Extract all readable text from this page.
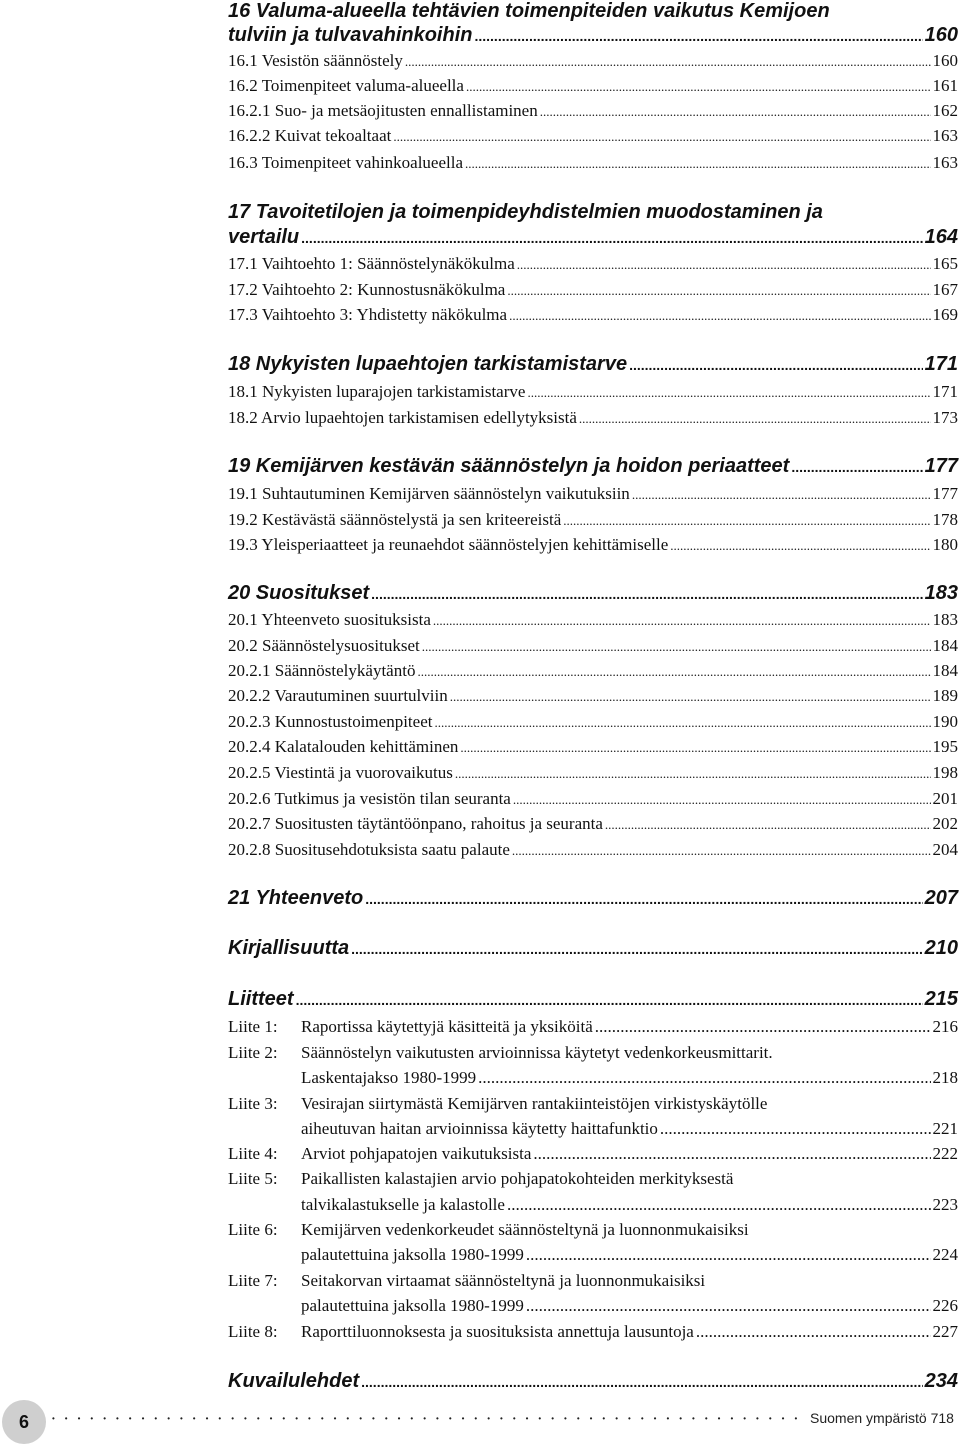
16 Valuma-alueella tehtävien toimenpiteiden vaikutus Kemijoen
tulviin ja tulvavahinkoihin .....	160
16.1 Vesistön säännöstely .....	160
16.2 Toimenpiteet valuma-alueella .....	161
16.2.1 Suo- ja metsäojitusten ennallistaminen .....	162
16.2.2 Kuivat tekoaltaat .....	163
16.3 Toimenpiteet vahinkoalueella .....	163
17 Tavoitetilojen ja toimenpideyhdistelmien muodostaminen ja
vertailu .....	164
17.1 Vaihtoehto 1: Säännöstelynäkökulma .....	165
17.2 Vaihtoehto 2: Kunnostusnäkökulma .....	167
17.3 Vaihtoehto 3: Yhdistetty näkökulma .....	169
18 Nykyisten lupaehtojen tarkistamistarve .....	171
18.1 Nykyisten luparajojen tarkistamistarve .....	171
18.2 Arvio lupaehtojen tarkistamisen edellytyksistä .....	173
19 Kemijärven kestävän säännöstelyn ja hoidon periaatteet .....	177
19.1 Suhtautuminen Kemijärven säännöstelyn vaikutuksiin .....	177
19.2 Kestävästä säännöstelystä ja sen kriteereistä .....	178
19.3 Yleisperiaatteet ja reunaehdot säännöstelyjen kehittämiselle .....	180
20 Suositukset .....	183
20.1 Yhteenveto suosituksista .....	183
20.2 Säännöstelysuositukset .....	184
20.2.1 Säännöstelykäytäntö .....	184
20.2.2 Varautuminen suurtulviin .....	189
20.2.3 Kunnostustoimenpiteet .....	190
20.2.4 Kalatalouden kehittäminen .....	195
20.2.5 Viestintä ja vuorovaikutus .....	198
20.2.6 Tutkimus ja vesistön tilan seuranta .....	201
20.2.7 Suositusten täytäntöönpano, rahoitus ja seuranta .....	202
20.2.8 Suositusehdotuksista saatu palaute .....	204
21 Yhteenveto .....	207
Kirjallisuutta .....	210
Liitteet .....	215
Liite 1:	Raportissa käytettyjä käsitteitä ja yksiköitä .....	216
Liite 2:	Säännöstelyn vaikutusten arvioinnissa käytetyt vedenkorkeusmittarit.
Laskentajakso 1980-1999 .....	218
Liite 3:	Vesirajan siirtymästä Kemijärven rantakiinteistöjen virkistyskäytölle
aiheutuvan haitan arvioinnissa käytetty haittafunktio .....	221
Liite 4:	Arviot pohjapatojen vaikutuksista .....	222
Liite 5:	Paikallisten kalastajien arvio pohjapatokohteiden merkityksestä
talvikalastukselle ja kalastolle .....	223
Liite 6:	Kemijärven vedenkorkeudet säännösteltynä ja luonnonmukaisiksi
palautettuina jaksolla 1980-1999 .....	224
Liite 7:	Seitakorvan virtaamat säännösteltynä ja luonnonmukaisiksi
palautettuina jaksolla 1980-1999 .....	226
Liite 8:	Raporttiluonnoksesta ja suosituksista annettuja lausuntoja .....	227
Kuvailulehdet .....	234
6 •••••	Suomen ympäristö 718
